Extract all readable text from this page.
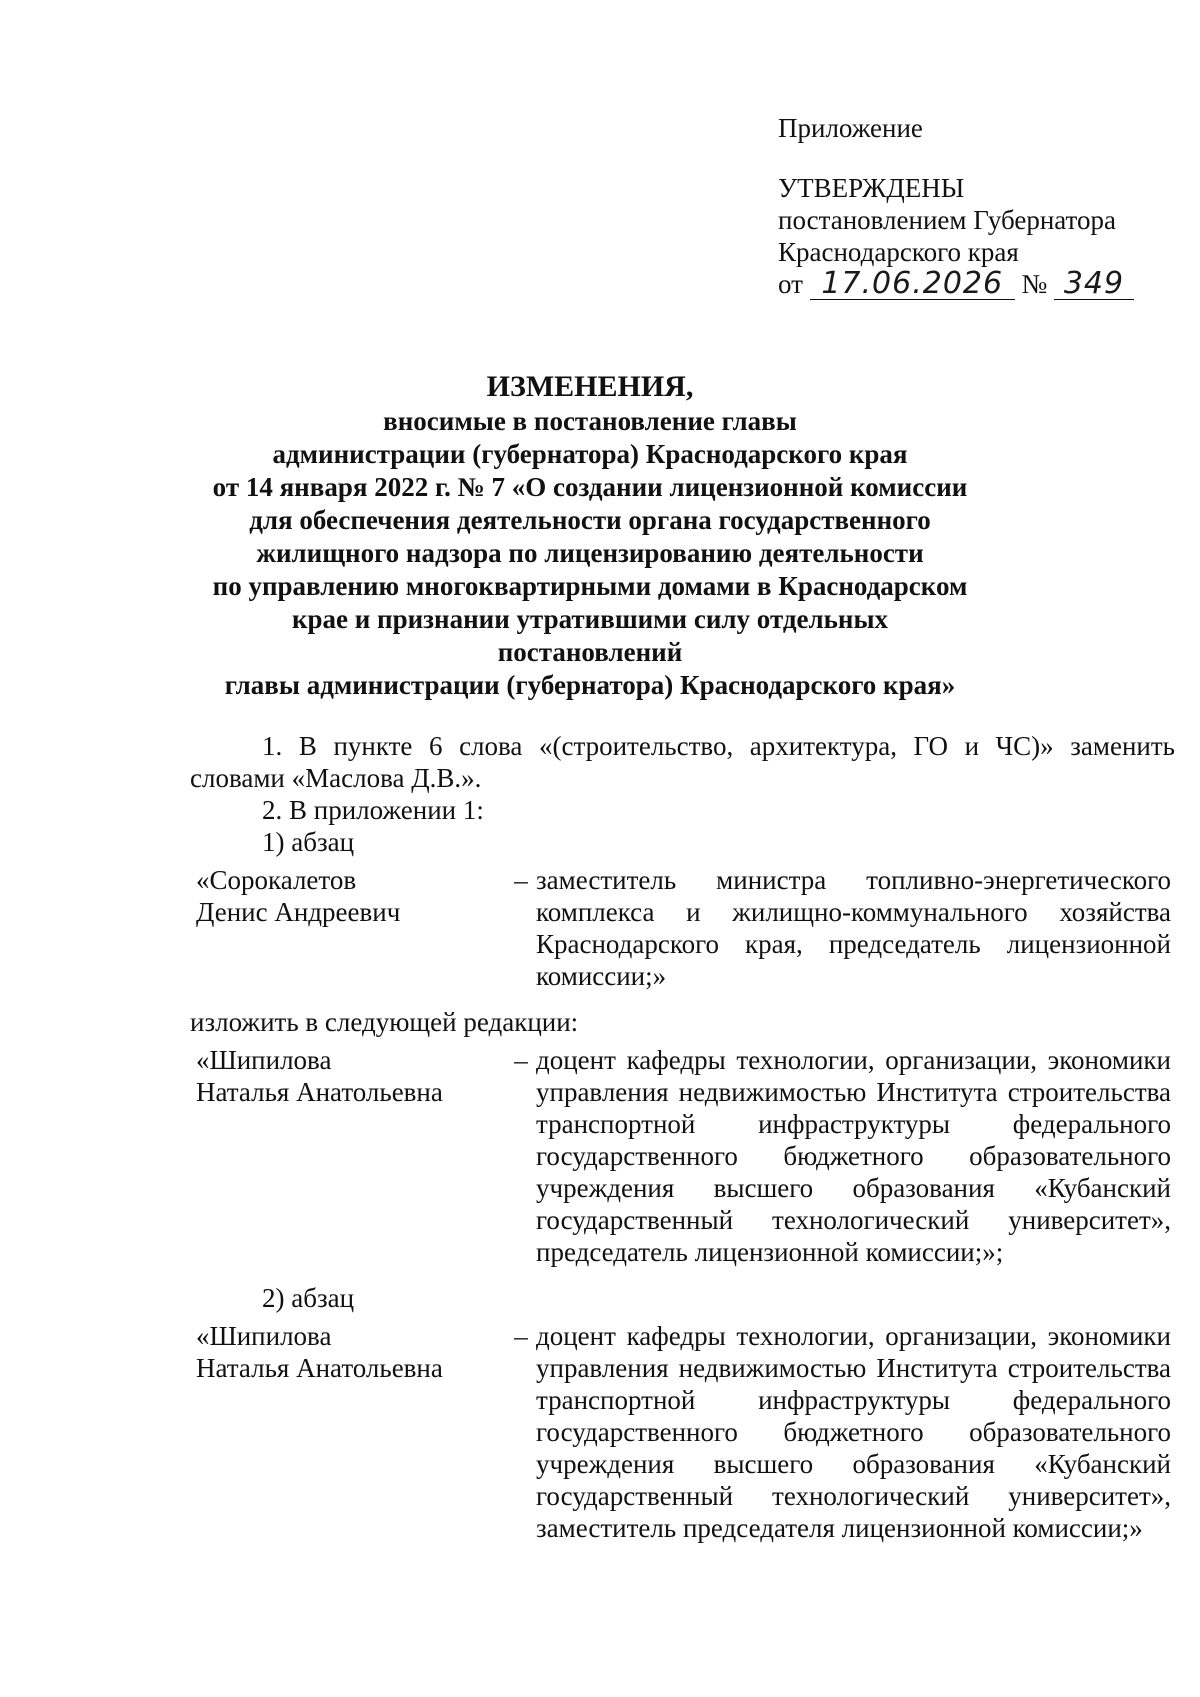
Приложение
УТВЕРЖДЕНЫ
постановлением Губернатора
Краснодарского края
от 17.06.2026 № 349
ИЗМЕНЕНИЯ,
вносимые в постановление главы
администрации (губернатора) Краснодарского края
от 14 января 2022 г. № 7 «О создании лицензионной комиссии
для обеспечения деятельности органа государственного
жилищного надзора по лицензированию деятельности
по управлению многоквартирными домами в Краснодарском
крае и признании утратившими силу отдельных постановлений
главы администрации (губернатора) Краснодарского края»
1. В пункте 6 слова «(строительство, архитектура, ГО и ЧС)» заменить словами «Маслова Д.В.».
2. В приложении 1:
1) абзац
«Сорокалетов
Денис Андреевич
– заместитель министра топливно-энергетического комплекса и жилищно-коммунального хозяйства Краснодарского края, председатель лицензионной комиссии;»
изложить в следующей редакции:
«Шипилова
Наталья Анатольевна
– доцент кафедры технологии, организации, экономики управления недвижимостью Института строительства транспортной инфраструктуры федерального государственного бюджетного образовательного учреждения высшего образования «Кубанский государственный технологический университет», председатель лицензионной комиссии;»;
2) абзац
«Шипилова
Наталья Анатольевна
– доцент кафедры технологии, организации, экономики управления недвижимостью Института строительства транспортной инфраструктуры федерального государственного бюджетного образовательного учреждения высшего образования «Кубанский государственный технологический университет», заместитель председателя лицензионной комиссии;»
